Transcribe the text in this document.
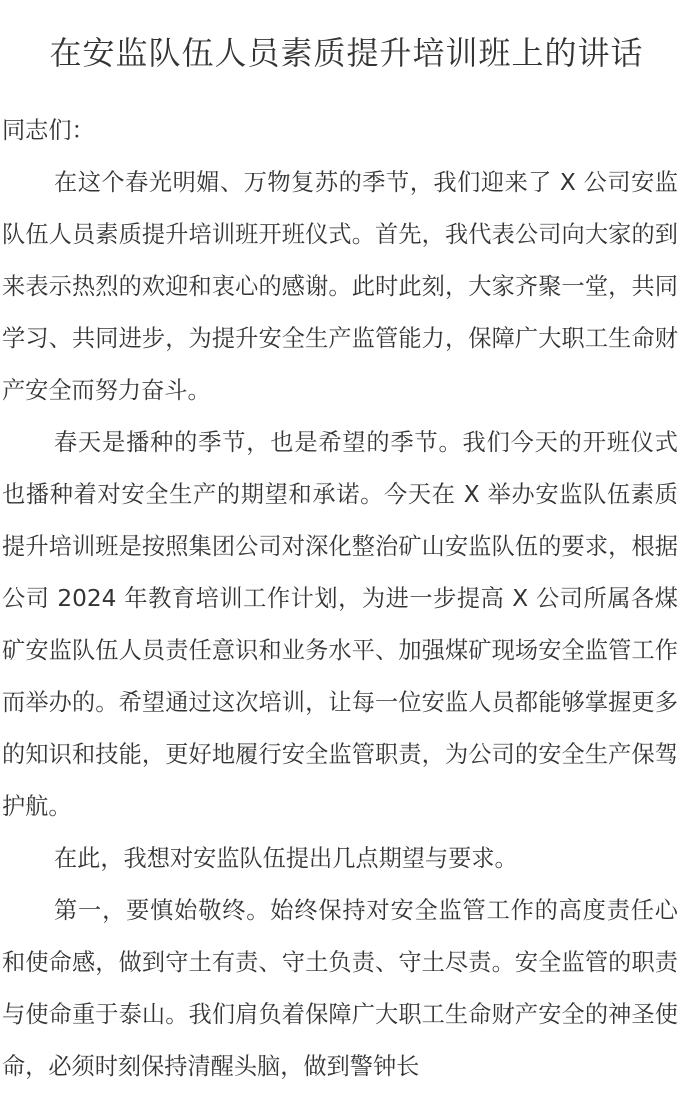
在安监队伍人员素质提升培训班上的讲话

同志们：

在这个春光明媚、万物复苏的季节，我们迎来了 X 公司安监队伍人员素质提升培训班开班仪式。首先，我代表公司向大家的到来表示热烈的欢迎和衷心的感谢。此时此刻，大家齐聚一堂，共同学习、共同进步，为提升安全生产监管能力，保障广大职工生命财产安全而努力奋斗。

春天是播种的季节，也是希望的季节。我们今天的开班仪式也播种着对安全生产的期望和承诺。今天在 X 举办安监队伍素质提升培训班是按照集团公司对深化整治矿山安监队伍的要求，根据公司 2024 年教育培训工作计划，为进一步提高 X 公司所属各煤矿安监队伍人员责任意识和业务水平、加强煤矿现场安全监管工作而举办的。希望通过这次培训，让每一位安监人员都能够掌握更多的知识和技能，更好地履行安全监管职责，为公司的安全生产保驾护航。

在此，我想对安监队伍提出几点期望与要求。

第一，要慎始敬终。始终保持对安全监管工作的高度责任心和使命感，做到守土有责、守土负责、守土尽责。安全监管的职责与使命重于泰山。我们肩负着保障广大职工生命财产安全的神圣使命，必须时刻保持清醒头脑，做到警钟长
